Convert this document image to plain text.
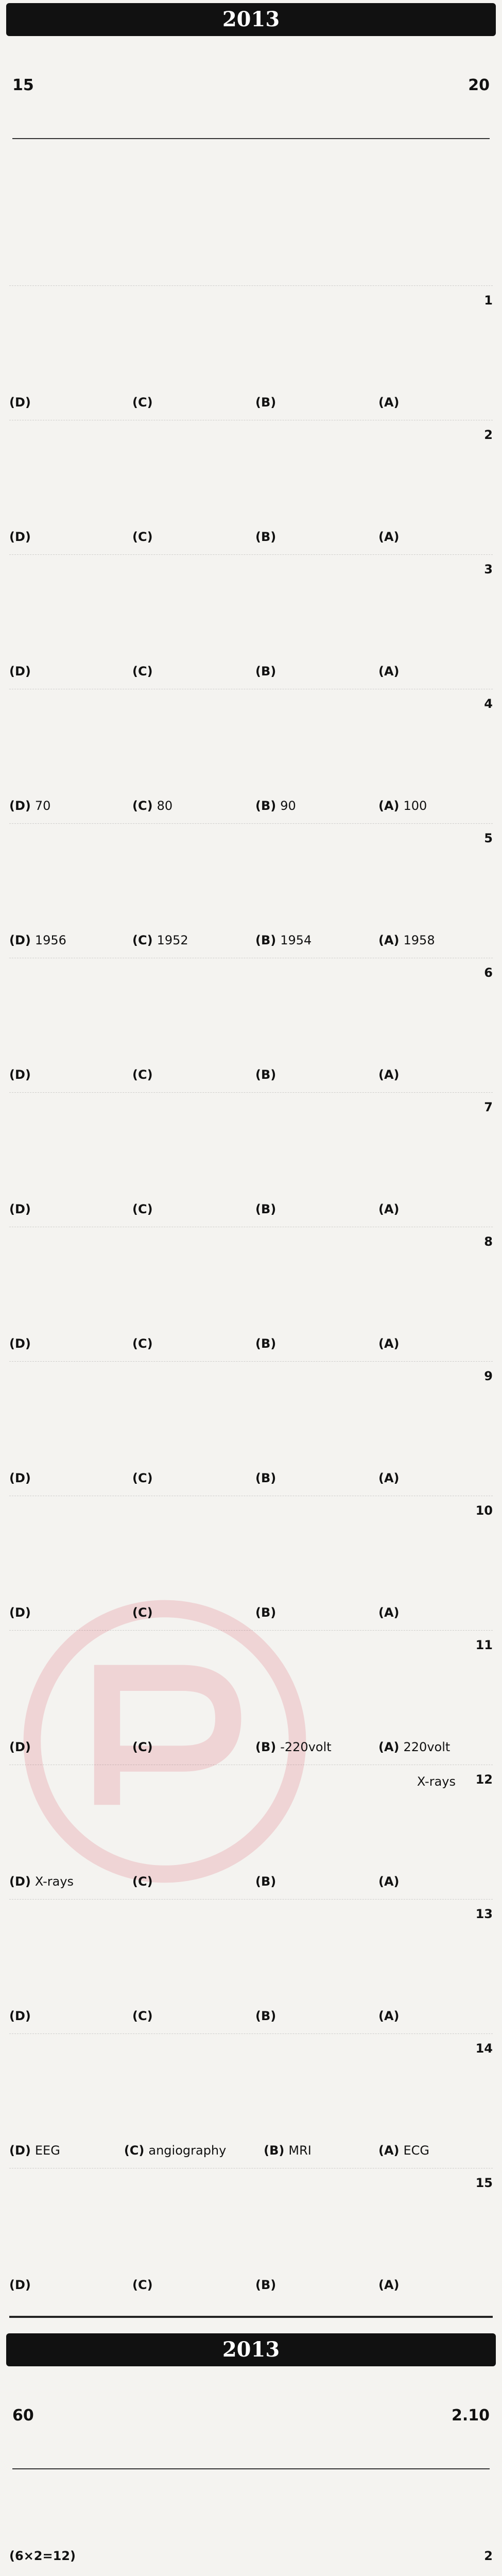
2013
20
15
1
(A)
(B)
(C)
(D)
2
(A)
(B)
(C)
(D)
3
(A)
(B)
(C)
(D)
4
(A) 100
(B) 90
(C) 80
(D) 70
5
(A) 1958
(B) 1954
(C) 1952
(D) 1956
6
(A)
(B)
(C)
(D)
7
(A)
(B)
(C)
(D)
8
(A)
(B)
(C)
(D)
9
(A)
(B)
(C)
(D)
10
(A)
(B)
(C)
(D)
11
(A) 220volt
(B) -220volt
(C)
(D)
12
X-rays
(A)
(B)
(C)
(D) X-rays
13
(A)
(B)
(C)
(D)
14
(A) ECG
(B) MRI
(C) angiography
(D) EEG
15
(A)
(B)
(C)
(D)
2013
2.10
60
2
(6×2=12)
